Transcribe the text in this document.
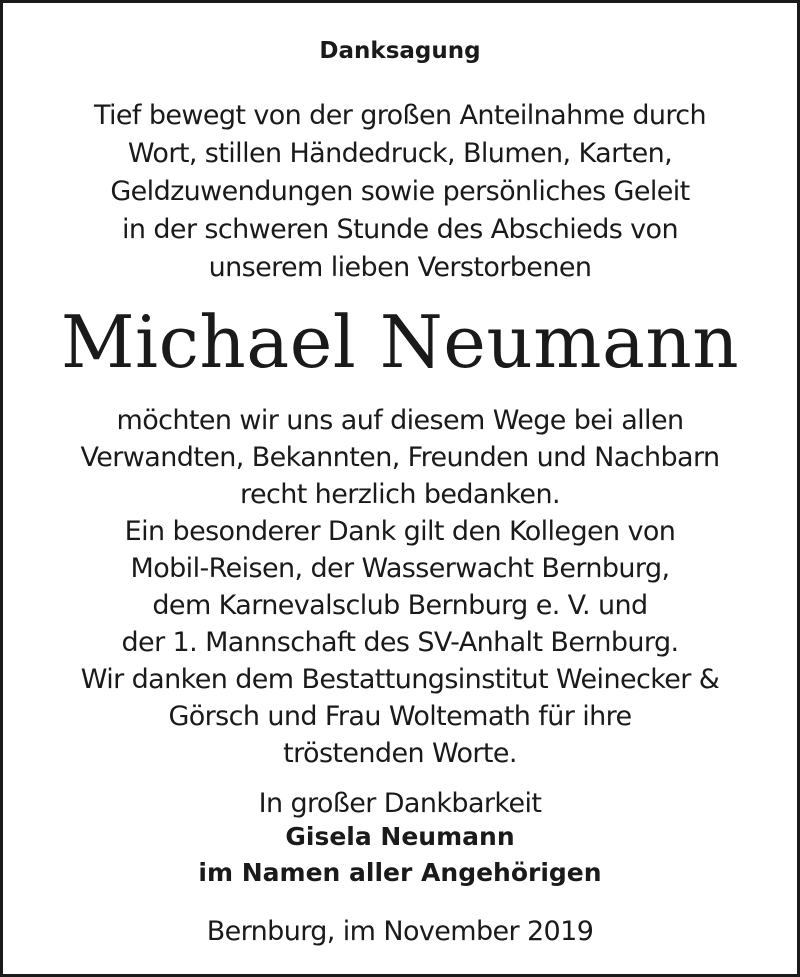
Danksagung
Tief bewegt von der großen Anteilnahme durch
Wort, stillen Händedruck, Blumen, Karten,
Geldzuwendungen sowie persönliches Geleit
in der schweren Stunde des Abschieds von
unserem lieben Verstorbenen
Michael Neumann
möchten wir uns auf diesem Wege bei allen
Verwandten, Bekannten, Freunden und Nachbarn
recht herzlich bedanken.
Ein besonderer Dank gilt den Kollegen von
Mobil-Reisen, der Wasserwacht Bernburg,
dem Karnevalsclub Bernburg e. V. und
der 1. Mannschaft des SV-Anhalt Bernburg.
Wir danken dem Bestattungsinstitut Weinecker &
Görsch und Frau Woltemath für ihre
tröstenden Worte.
In großer Dankbarkeit
Gisela Neumann
im Namen aller Angehörigen
Bernburg, im November 2019
